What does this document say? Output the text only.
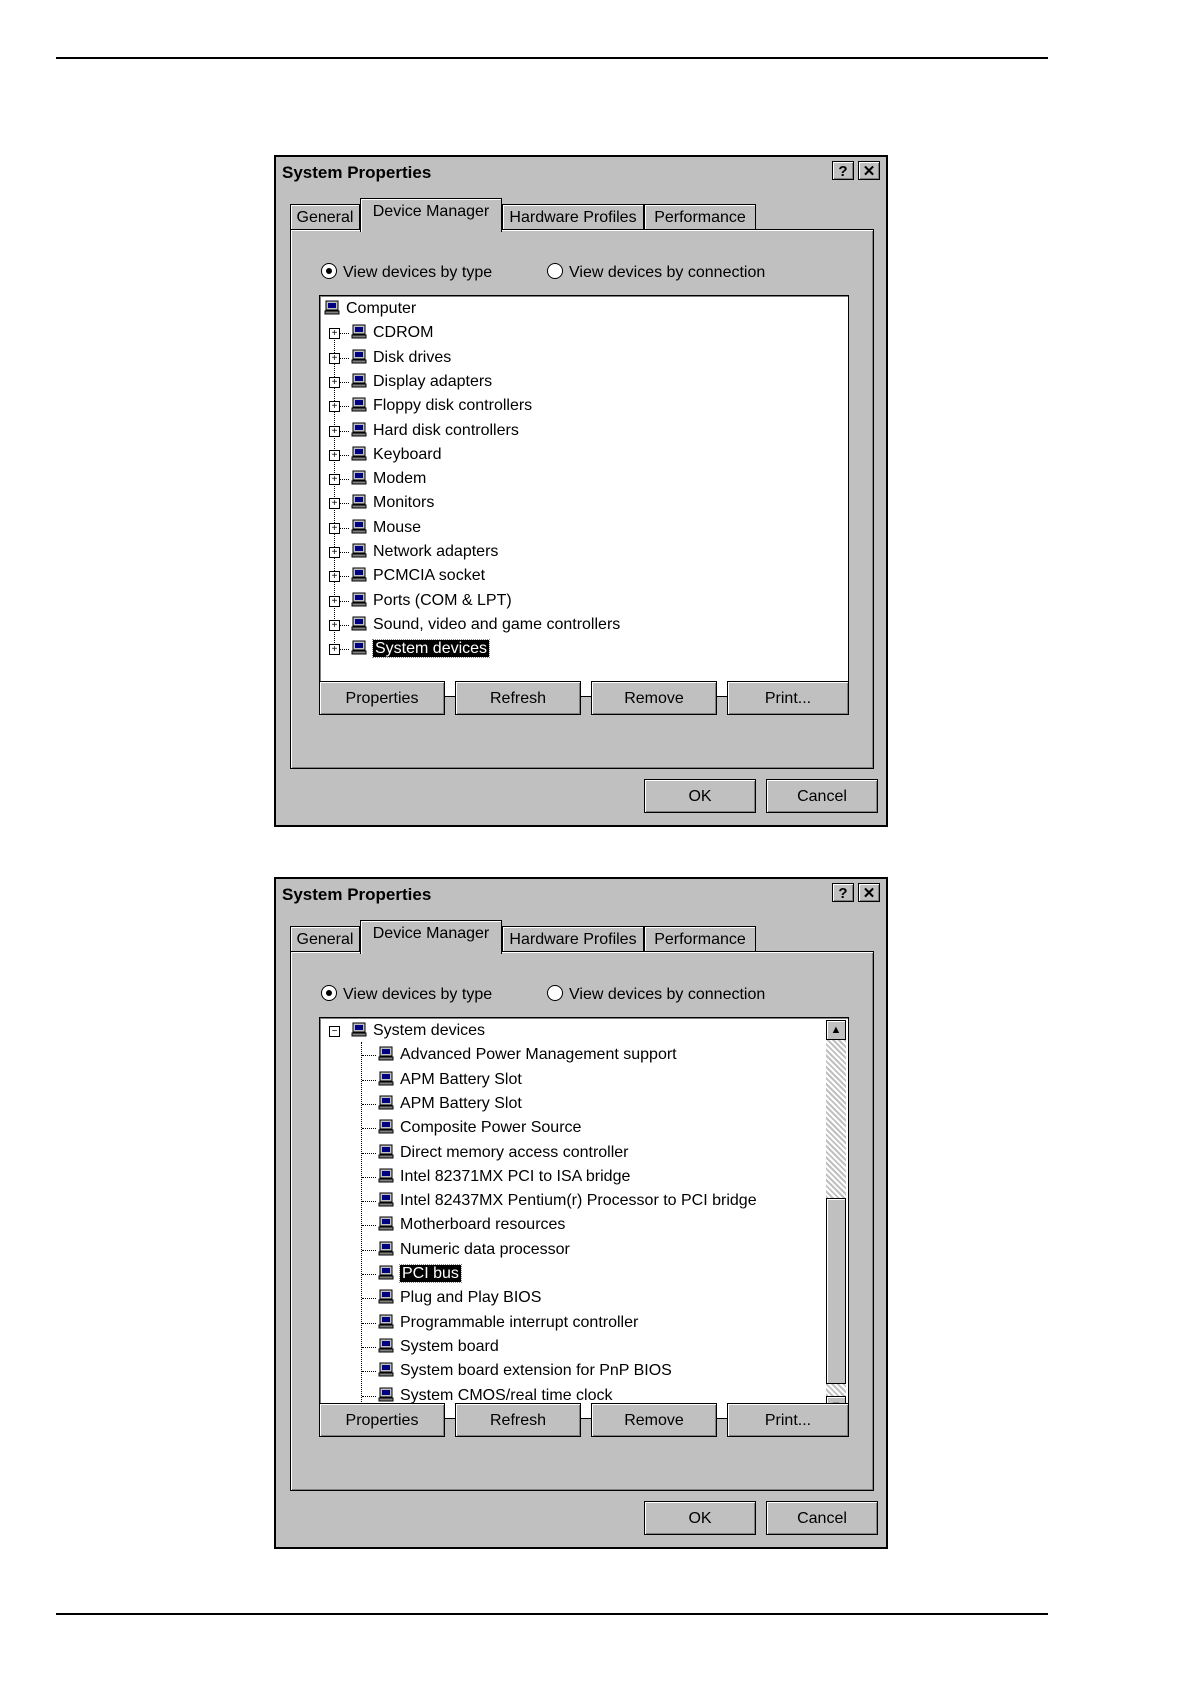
System Properties	?	✕
General	Device Manager	Hardware Profiles	Performance
View devices by type	View devices by connection
Computer
+ CDROM
+ Disk drives
+ Display adapters
+ Floppy disk controllers
+ Hard disk controllers
+ Keyboard
+ Modem
+ Monitors
+ Mouse
+ Network adapters
+ PCMCIA socket
+ Ports (COM & LPT)
+ Sound, video and game controllers
+ System devices
Properties	Refresh	Remove	Print...
OK	Cancel
System Properties	?	✕
General	Device Manager	Hardware Profiles	Performance
View devices by type	View devices by connection
▲
− System devices
Advanced Power Management support
APM Battery Slot
APM Battery Slot
Composite Power Source
Direct memory access controller
Intel 82371MX PCI to ISA bridge
Intel 82437MX Pentium(r) Processor to PCI bridge
Motherboard resources
Numeric data processor
PCI bus
Plug and Play BIOS
Programmable interrupt controller
System board
System board extension for PnP BIOS
System CMOS/real time clock
Properties	Refresh	Remove	Print...
OK	Cancel
